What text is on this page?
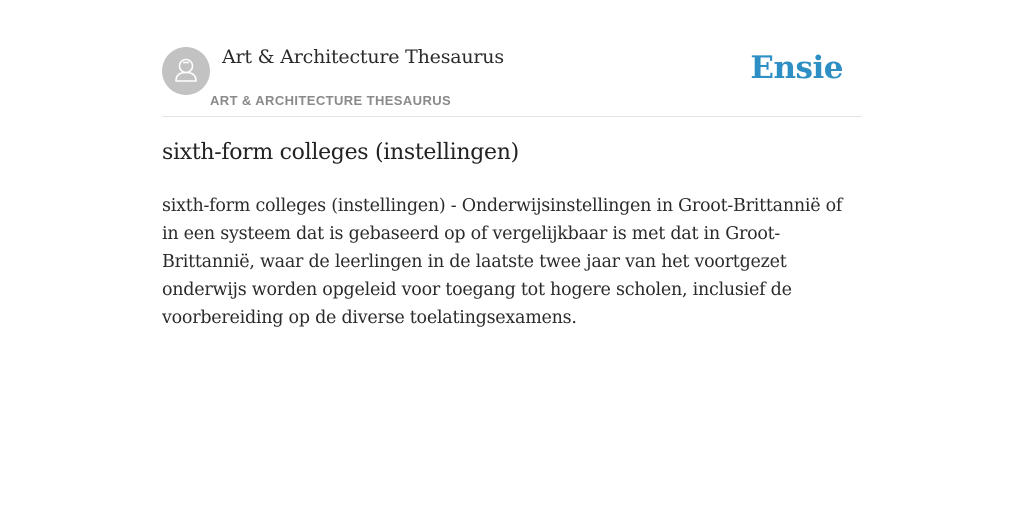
Art & Architecture Thesaurus
ART & ARCHITECTURE THESAURUS
Ensie
sixth-form colleges (instellingen)

sixth-form colleges (instellingen) - Onderwijsinstellingen in Groot-Brittannië of in een systeem dat is gebaseerd op of vergelijkbaar is met dat in Groot-Brittannië, waar de leerlingen in de laatste twee jaar van het voortgezet onderwijs worden opgeleid voor toegang tot hogere scholen, inclusief de voorbereiding op de diverse toelatingsexamens.
